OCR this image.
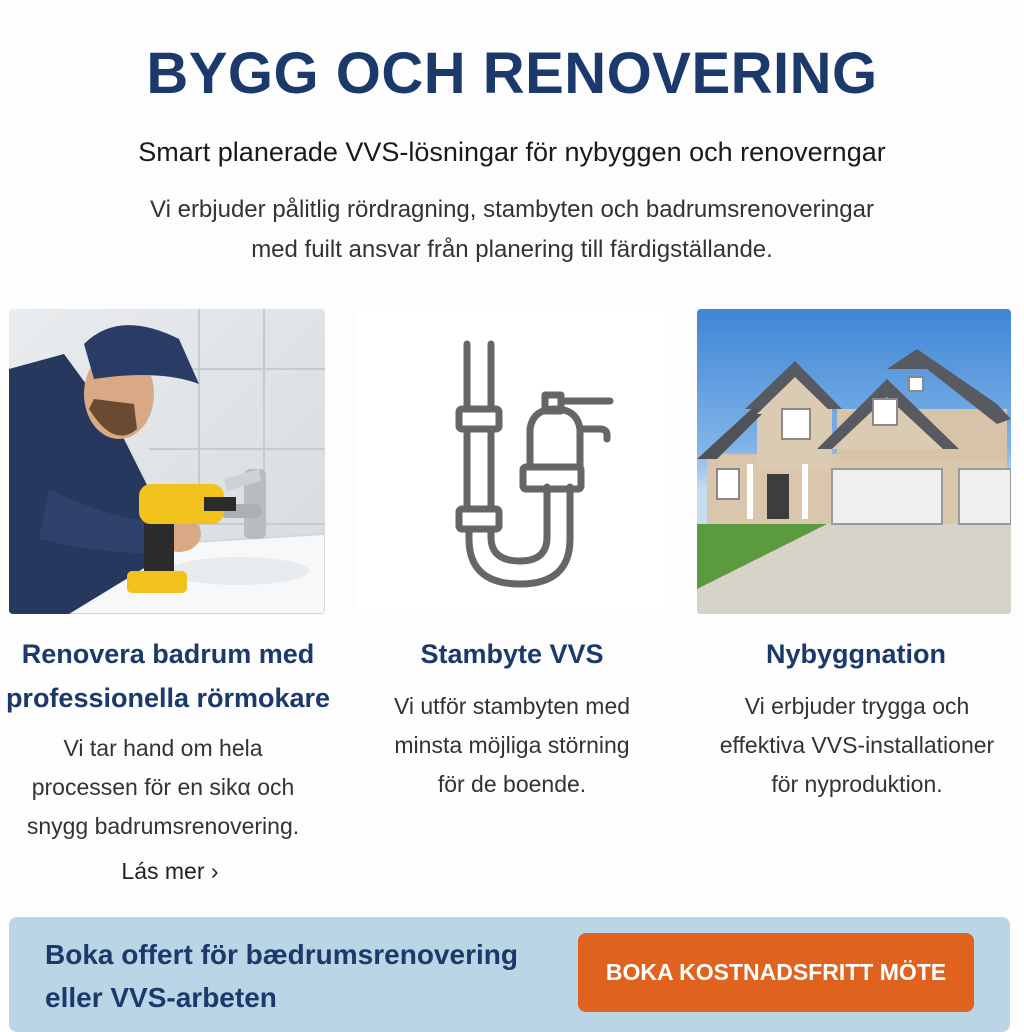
BYGG OCH RENOVERING
Smart planerade VVS-lösningar för nybyggen och renoverngar
Vi erbjuder pålitlig rördragning, stambyten och badrumsrenoveringar
med fuilt ansvar från planering till färdigställande.
Renovera badrum med
professionella rörmokare
Stambyte VVS	Nybyggnation
Vi tar hand om hela
processen för en sikα och
snygg badrumsrenovering.
Vi utför stambyten med
minsta möjliga störning
för de boende.
Vi erbjuder trygga och
effektiva VVS-installationer
för nyproduktion.
Lás mer ›
Boka offert för bædrumsrenovering
eller VVS-arbeten
BOKA KOSTNADSFRITT MÖTE
